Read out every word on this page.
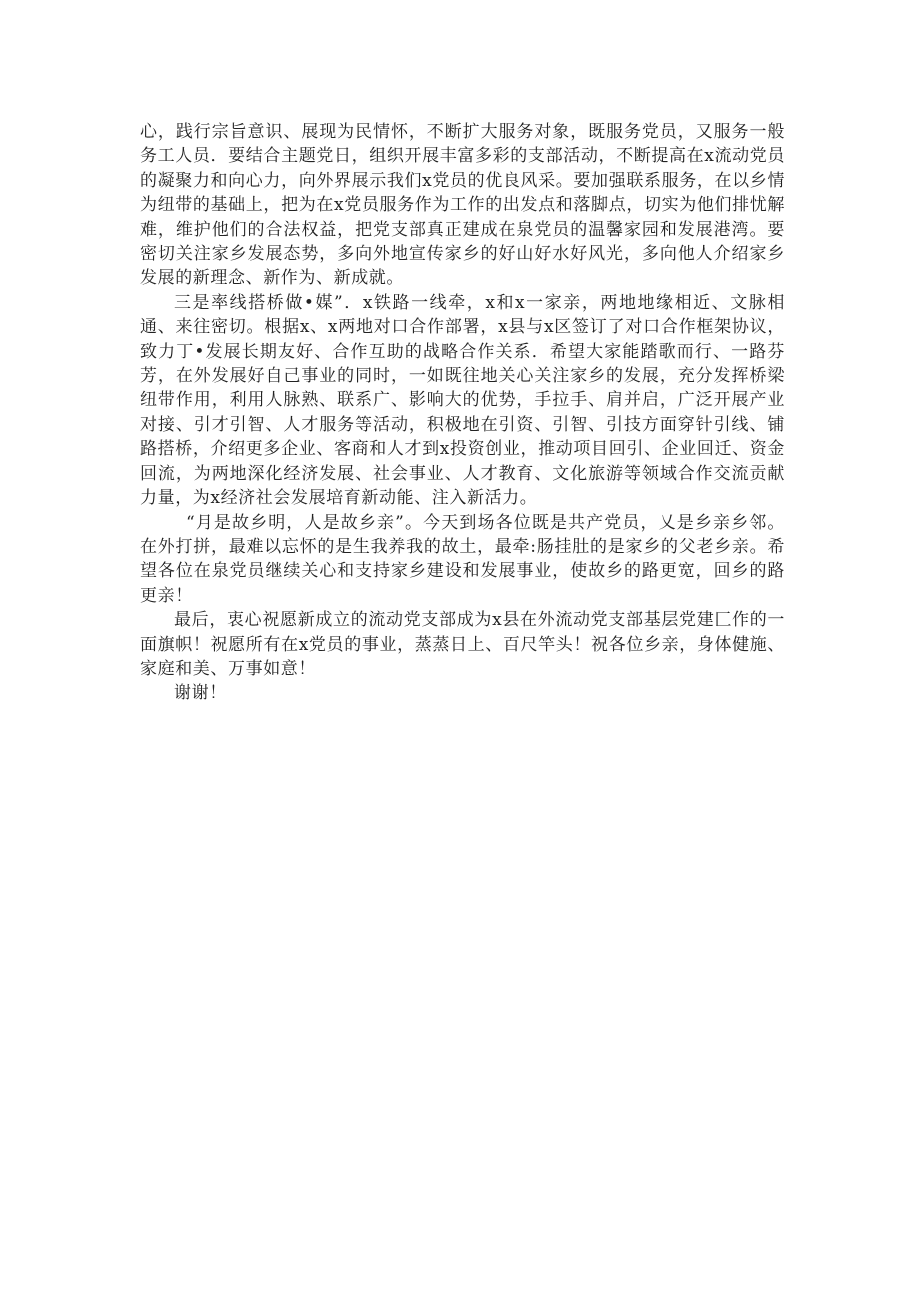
心，践行宗旨意识、展现为民情怀，不断扩大服务对象，既服务党员，又服务一般务工人员．要结合主题党日，组织开展丰富多彩的支部活动，不断提高在x流动党员的凝聚力和向心力，向外界展示我们x党员的优良风采。要加强联系服务，在以乡情为纽带的基础上，把为在x党员服务作为工作的出发点和落脚点，切实为他们排忧解难，维护他们的合法权益，把党支部真正建成在泉党员的温馨家园和发展港湾。要密切关注家乡发展态势，多向外地宣传家乡的好山好水好风光，多向他人介绍家乡发展的新理念、新作为、新成就。

三是率线搭桥做•媒”．x铁路一线牵，x和x一家亲，两地地缘相近、文脉相通、来往密切。根据x、x两地对口合作部署，x县与x区签订了对口合作框架协议，致力丁•发展长期友好、合作互助的战略合作关系．希望大家能踏歌而行、一路芬芳，在外发展好自己事业的同时，一如既往地关心关注家乡的发展，充分发挥桥梁纽带作用，利用人脉熟、联系广、影响大的优势，手拉手、肩并启，广泛开展产业对接、引才引智、人才服务等活动，积极地在引资、引智、引技方面穿针引线、铺路搭桥，介绍更多企业、客商和人才到x投资创业，推动项目回引、企业回迁、资金回流，为两地深化经济发展、社会事业、人才教育、文化旅游等领域合作交流贡献力量，为x经济社会发展培育新动能、注入新活力。

“月是故乡明，人是故乡亲”。今天到场各位既是共产党员，乂是乡亲乡邻。在外打拼，最难以忘怀的是生我养我的故土，最牵:肠挂肚的是家乡的父老乡亲。希望各位在泉党员继续关心和支持家乡建设和发展事业，使故乡的路更宽，回乡的路更亲！

最后，衷心祝愿新成立的流动党支部成为x县在外流动党支部基层党建匚作的一面旗帜！祝愿所有在x党员的事业，蒸蒸日上、百尺竿头！祝各位乡亲，身体健施、家庭和美、万事如意！

谢谢！
